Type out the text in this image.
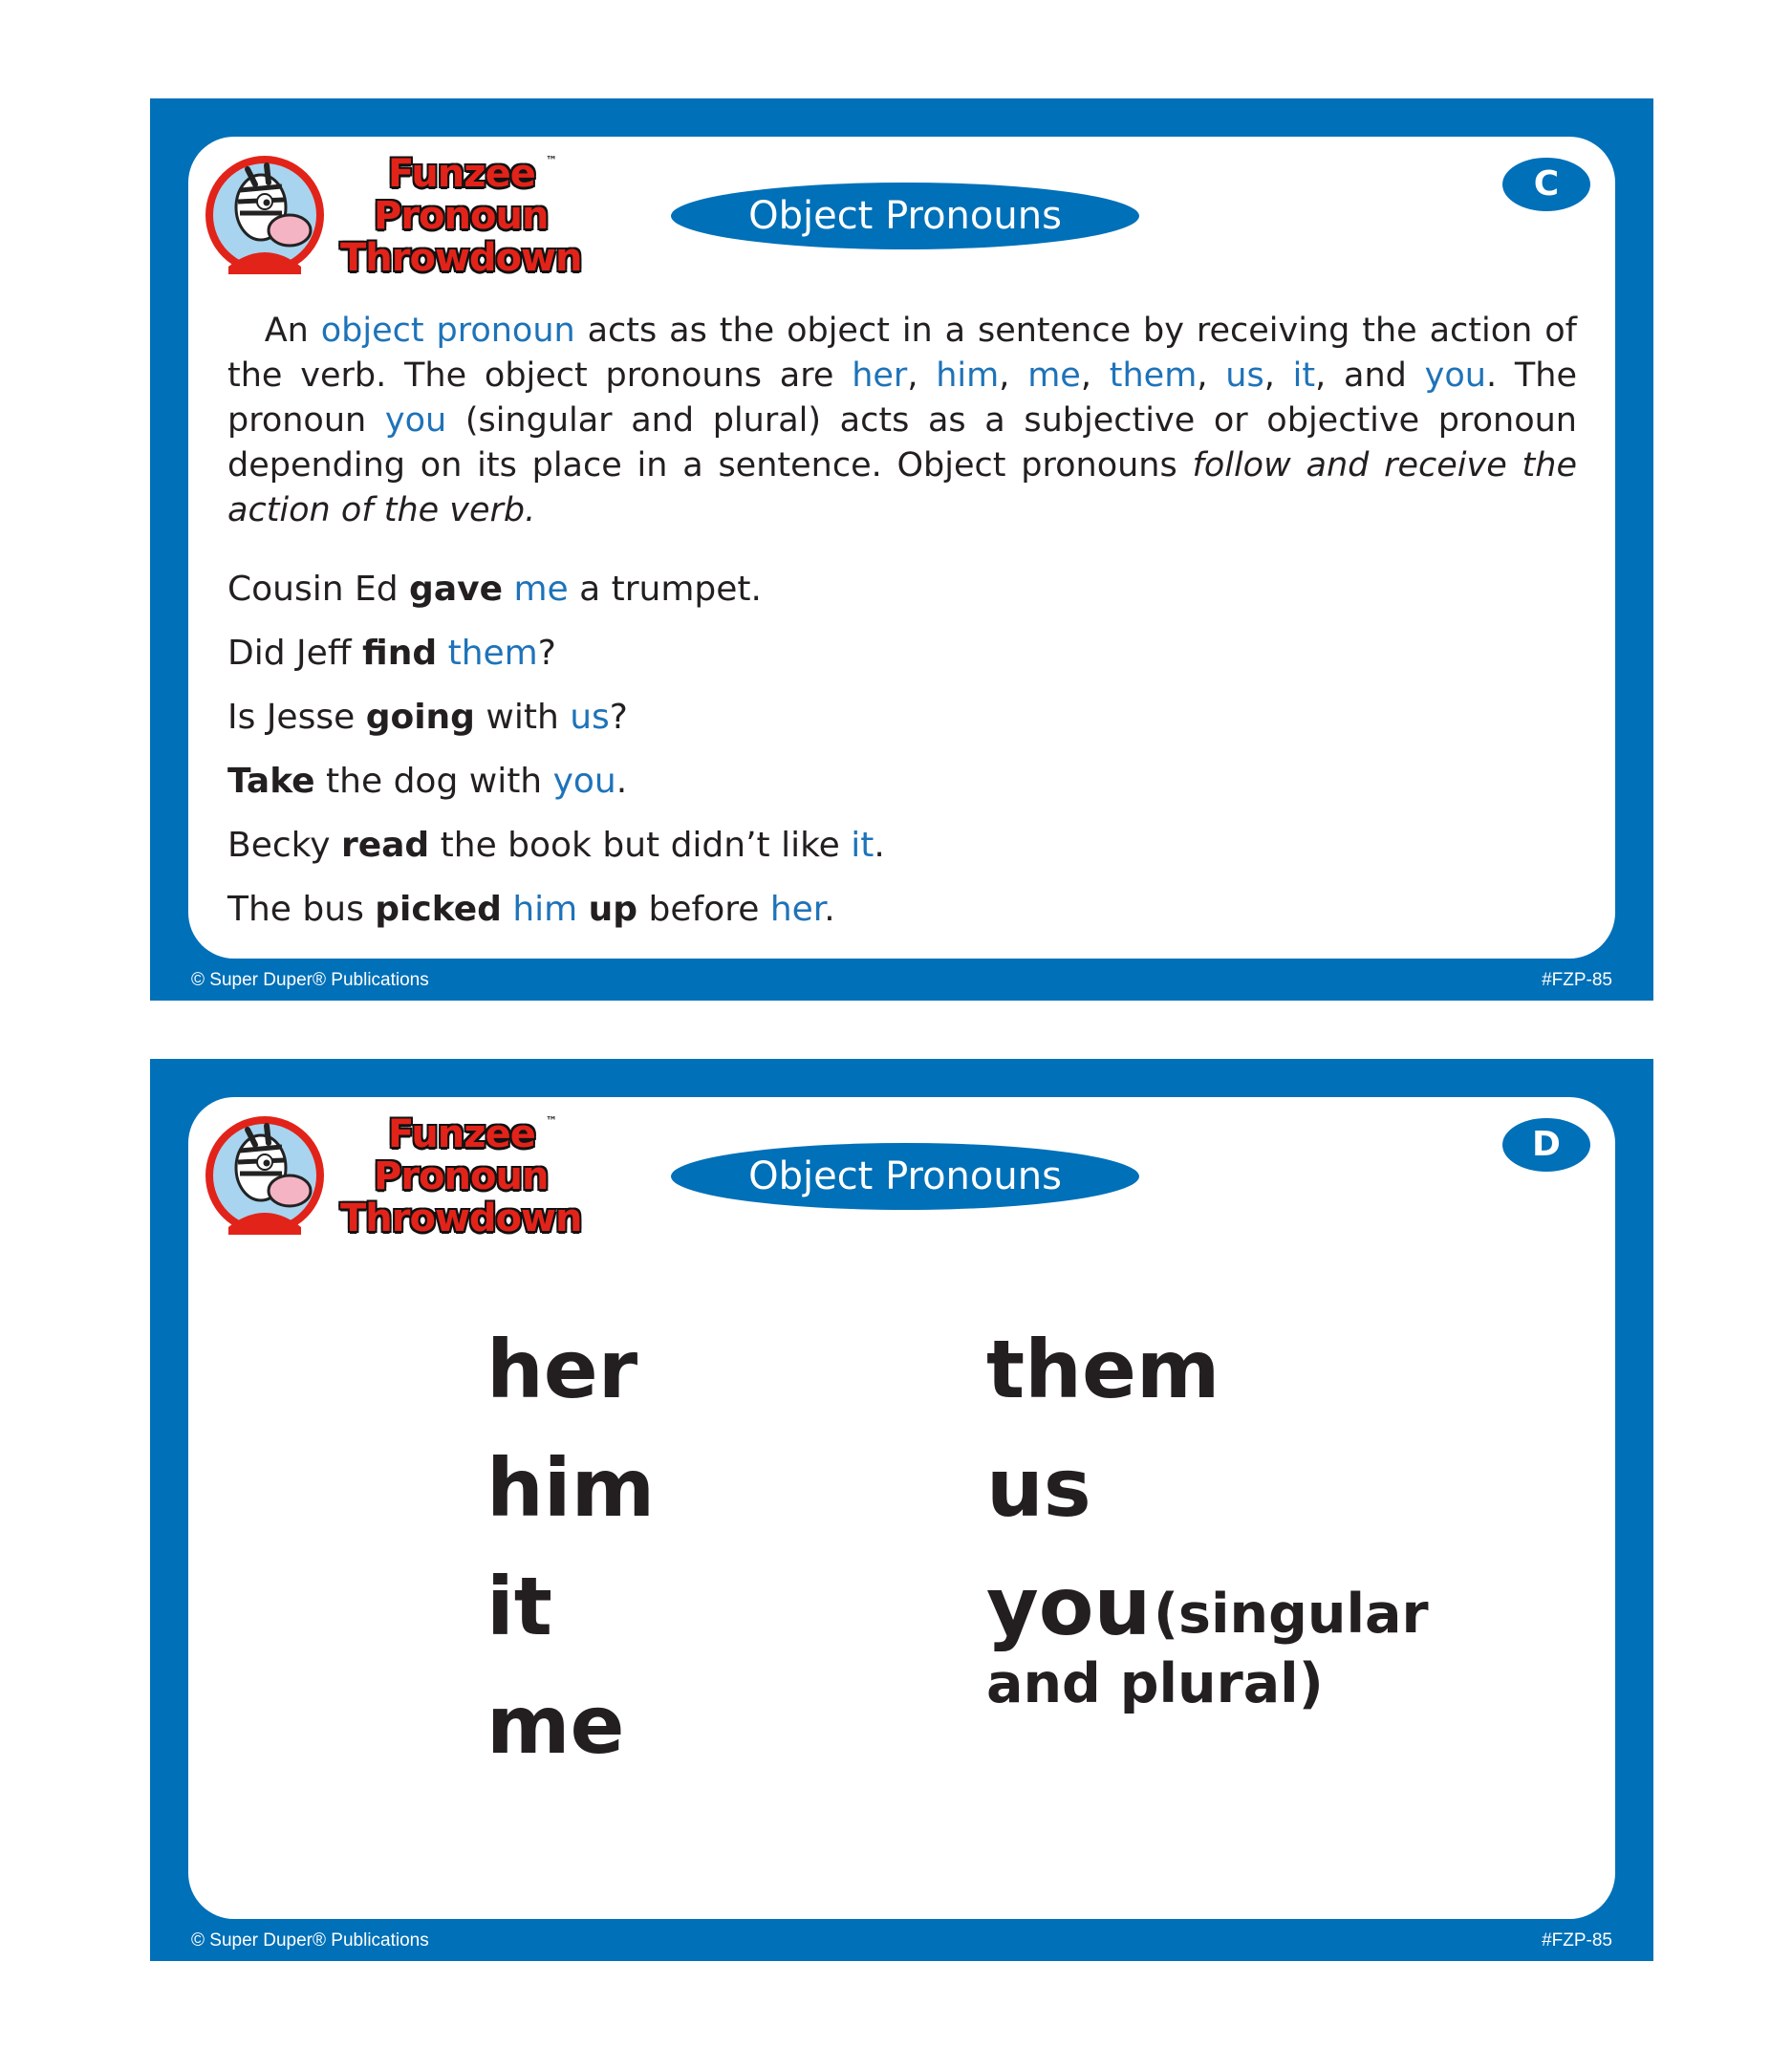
Funzee
Pronoun
Throwdown
™
Object Pronouns
C

An object pronoun acts as the object in a sentence by receiving the action of the verb. The object pronouns are her, him, me, them, us, it, and you. The pronoun you (singular and plural) acts as a subjective or objective pronoun depending on its place in a sentence. Object pronouns follow and receive the action of the verb.

Cousin Ed gave me a trumpet.
Did Jeff find them?
Is Jesse going with us?
Take the dog with you.
Becky read the book but didn’t like it.
The bus picked him up before her.
© Super Duper® Publications	#FZP-85
Funzee
Pronoun
Throwdown
™
Object Pronouns
D
her
him
it
me
them
us
you (singular
and plural)
© Super Duper® Publications	#FZP-85
